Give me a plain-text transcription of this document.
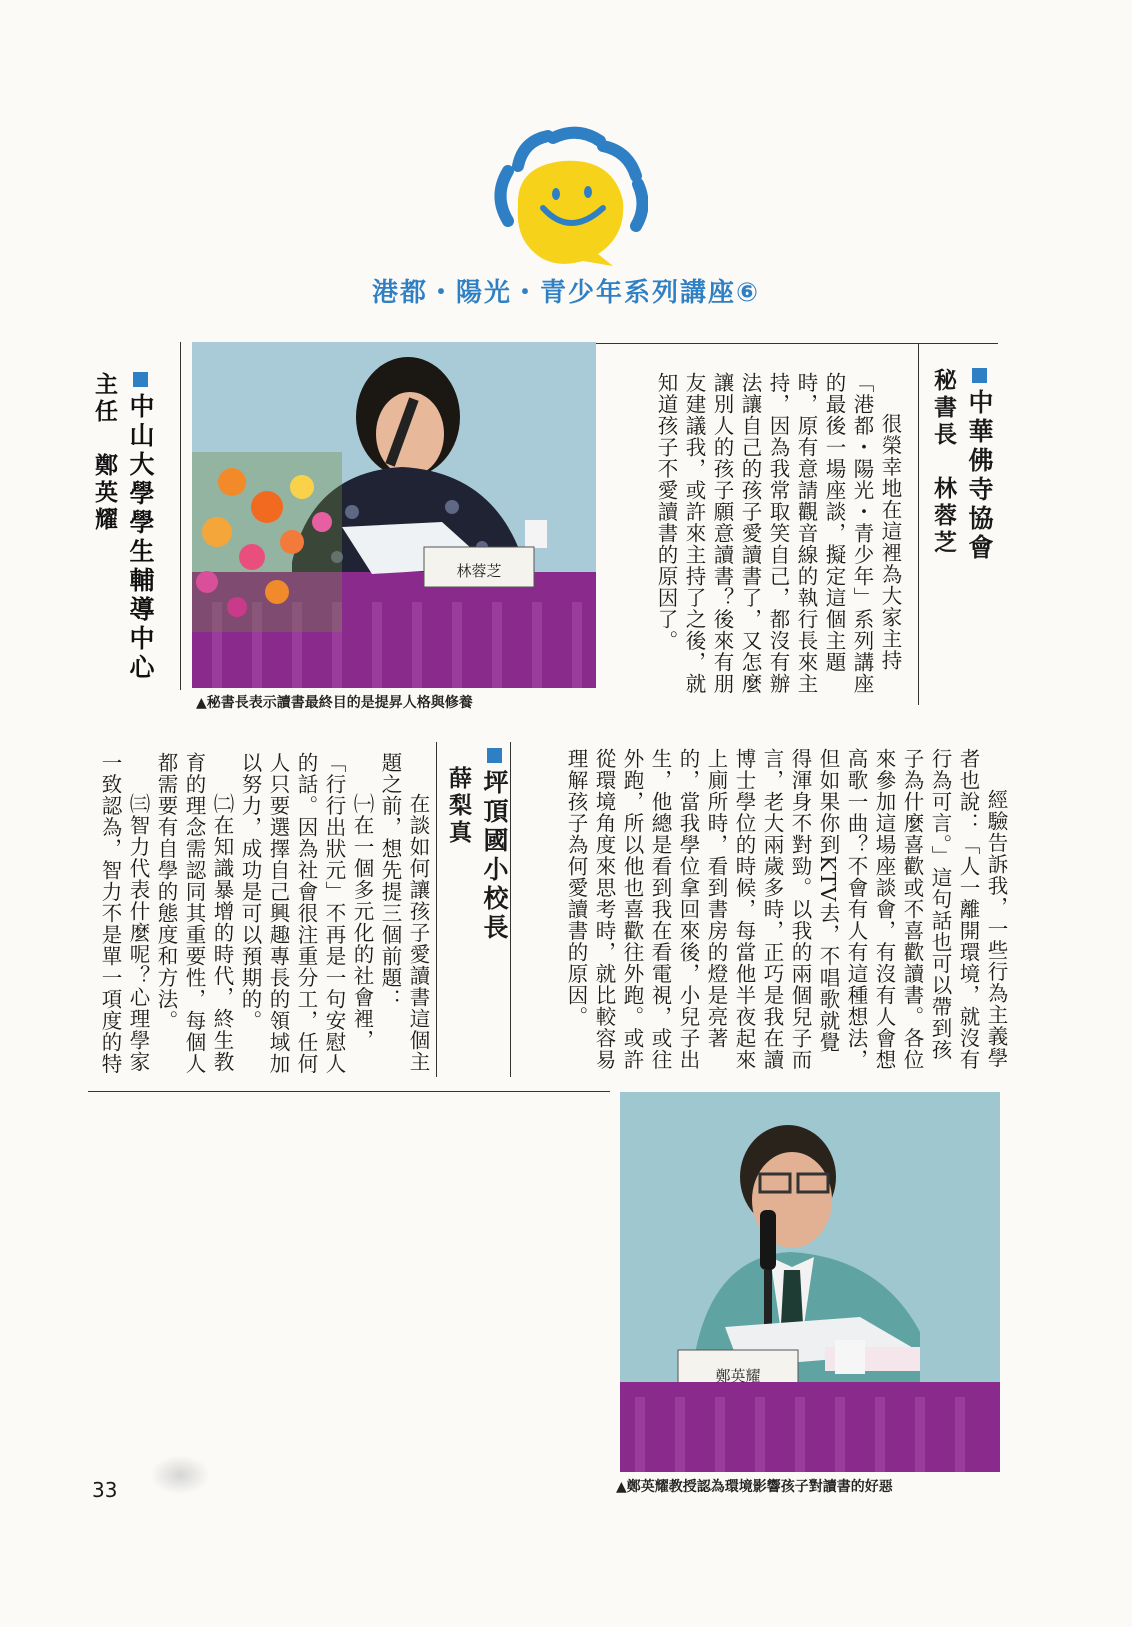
港都・陽光・青少年系列講座⑥
林蓉芝
▲秘書長表示讀書最終目的是提昇人格與修養
中山大學學生輔導中心
主任　鄭英耀	中華佛寺協會
秘書長　林蓉芝

很榮幸地在這裡為大家主持「港都・陽光・青少年」系列講座的最後一場座談，擬定這個主題時，原有意請觀音線的執行長來主持，因為我常取笑自己，都沒有辦法讓自己的孩子愛讀書了，又怎麼讓別人的孩子願意讀書？後來有朋友建議我，或許來主持了之後，就知道孩子不愛讀書的原因了。

經驗告訴我，一些行為主義學者也說：「人一離開環境，就沒有行為可言。」這句話也可以帶到孩子為什麼喜歡或不喜歡讀書。各位來參加這場座談會，有沒有人會想高歌一曲？不會有人有這種想法，但如果你到KTV去，不唱歌就覺得渾身不對勁。以我的兩個兒子而言，老大兩歲多時，正巧是我在讀博士學位的時候，每當他半夜起來上廁所時，看到書房的燈是亮著的，當我學位拿回來後，小兒子出生，他總是看到我在看電視，或往外跑，所以他也喜歡往外跑。或許從環境角度來思考時，就比較容易理解孩子為何愛讀書的原因。

坪頂國小校長
薛梨真

在談如何讓孩子愛讀書這個主題之前，想先提三個前題：

㈠在一個多元化的社會裡，「行行出狀元」不再是一句安慰人的話。因為社會很注重分工，任何人只要選擇自己興趣專長的領域加以努力，成功是可以預期的。

㈡在知識暴增的時代，終生教育的理念需認同其重要性，每個人都需要有自學的態度和方法。

㈢智力代表什麼呢？心理學家一致認為，智力不是單一項度的特

鄭英耀
▲鄭英耀教授認為環境影響孩子對讀書的好惡
33
